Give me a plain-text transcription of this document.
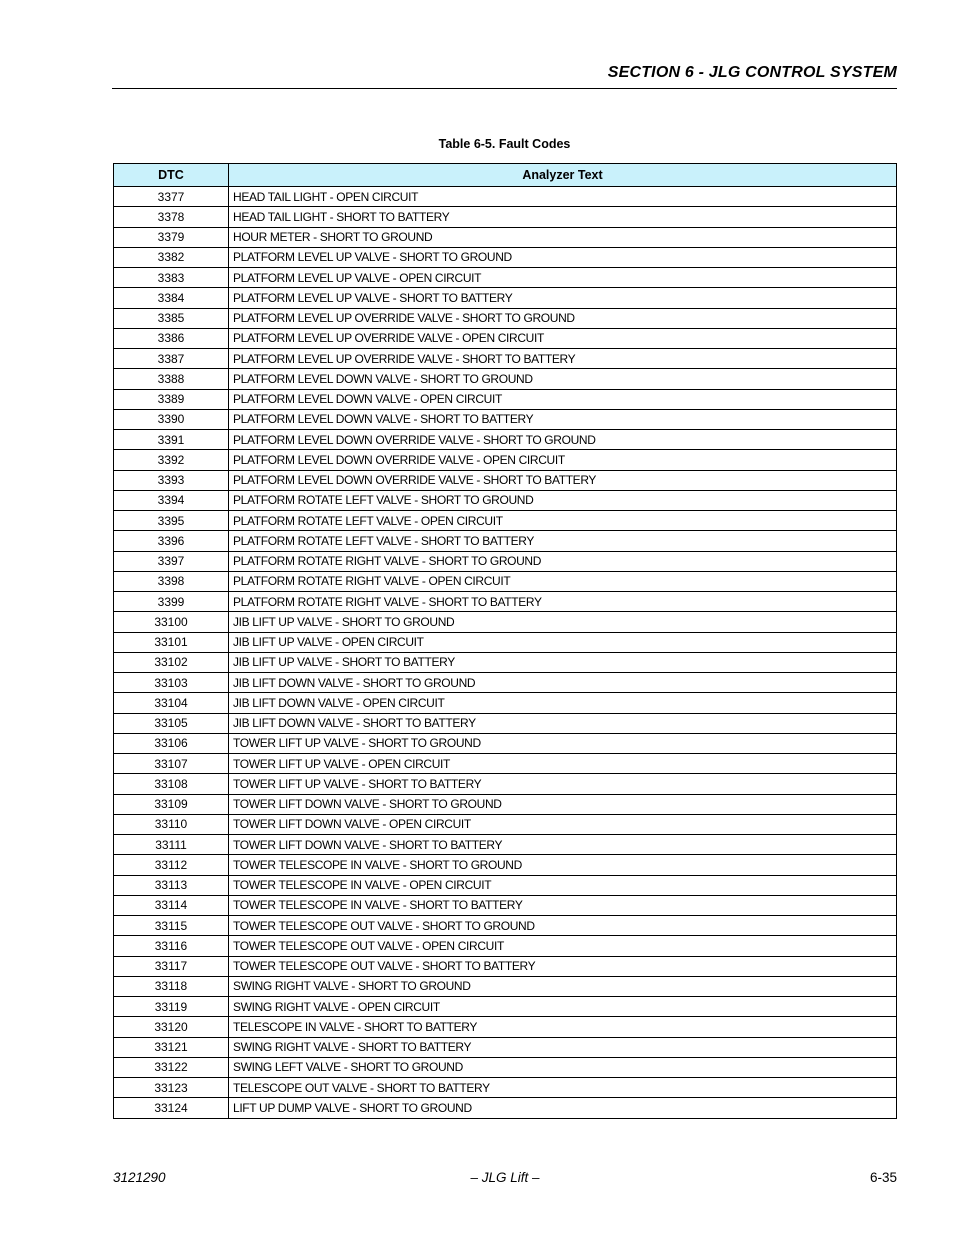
SECTION 6 - JLG CONTROL SYSTEM
Table 6-5. Fault Codes
DTC	Analyzer Text
3377	HEAD TAIL LIGHT - OPEN CIRCUIT
3378	HEAD TAIL LIGHT - SHORT TO BATTERY
3379	HOUR METER - SHORT TO GROUND
3382	PLATFORM LEVEL UP VALVE - SHORT TO GROUND
3383	PLATFORM LEVEL UP VALVE - OPEN CIRCUIT
3384	PLATFORM LEVEL UP VALVE - SHORT TO BATTERY
3385	PLATFORM LEVEL UP OVERRIDE VALVE - SHORT TO GROUND
3386	PLATFORM LEVEL UP OVERRIDE VALVE - OPEN CIRCUIT
3387	PLATFORM LEVEL UP OVERRIDE VALVE - SHORT TO BATTERY
3388	PLATFORM LEVEL DOWN VALVE - SHORT TO GROUND
3389	PLATFORM LEVEL DOWN VALVE - OPEN CIRCUIT
3390	PLATFORM LEVEL DOWN VALVE - SHORT TO BATTERY
3391	PLATFORM LEVEL DOWN OVERRIDE VALVE - SHORT TO GROUND
3392	PLATFORM LEVEL DOWN OVERRIDE VALVE - OPEN CIRCUIT
3393	PLATFORM LEVEL DOWN OVERRIDE VALVE - SHORT TO BATTERY
3394	PLATFORM ROTATE LEFT VALVE - SHORT TO GROUND
3395	PLATFORM ROTATE LEFT VALVE - OPEN CIRCUIT
3396	PLATFORM ROTATE LEFT VALVE - SHORT TO BATTERY
3397	PLATFORM ROTATE RIGHT VALVE - SHORT TO GROUND
3398	PLATFORM ROTATE RIGHT VALVE - OPEN CIRCUIT
3399	PLATFORM ROTATE RIGHT VALVE - SHORT TO BATTERY
33100	JIB LIFT UP VALVE - SHORT TO GROUND
33101	JIB LIFT UP VALVE - OPEN CIRCUIT
33102	JIB LIFT UP VALVE - SHORT TO BATTERY
33103	JIB LIFT DOWN VALVE - SHORT TO GROUND
33104	JIB LIFT DOWN VALVE - OPEN CIRCUIT
33105	JIB LIFT DOWN VALVE - SHORT TO BATTERY
33106	TOWER LIFT UP VALVE - SHORT TO GROUND
33107	TOWER LIFT UP VALVE - OPEN CIRCUIT
33108	TOWER LIFT UP VALVE - SHORT TO BATTERY
33109	TOWER LIFT DOWN VALVE - SHORT TO GROUND
33110	TOWER LIFT DOWN VALVE - OPEN CIRCUIT
33111	TOWER LIFT DOWN VALVE - SHORT TO BATTERY
33112	TOWER TELESCOPE IN VALVE - SHORT TO GROUND
33113	TOWER TELESCOPE IN VALVE - OPEN CIRCUIT
33114	TOWER TELESCOPE IN VALVE - SHORT TO BATTERY
33115	TOWER TELESCOPE OUT VALVE - SHORT TO GROUND
33116	TOWER TELESCOPE OUT VALVE - OPEN CIRCUIT
33117	TOWER TELESCOPE OUT VALVE - SHORT TO BATTERY
33118	SWING RIGHT VALVE - SHORT TO GROUND
33119	SWING RIGHT VALVE - OPEN CIRCUIT
33120	TELESCOPE IN VALVE - SHORT TO BATTERY
33121	SWING RIGHT VALVE - SHORT TO BATTERY
33122	SWING LEFT VALVE - SHORT TO GROUND
33123	TELESCOPE OUT VALVE - SHORT TO BATTERY
33124	LIFT UP DUMP VALVE - SHORT TO GROUND
3121290	– JLG Lift –	6-35
